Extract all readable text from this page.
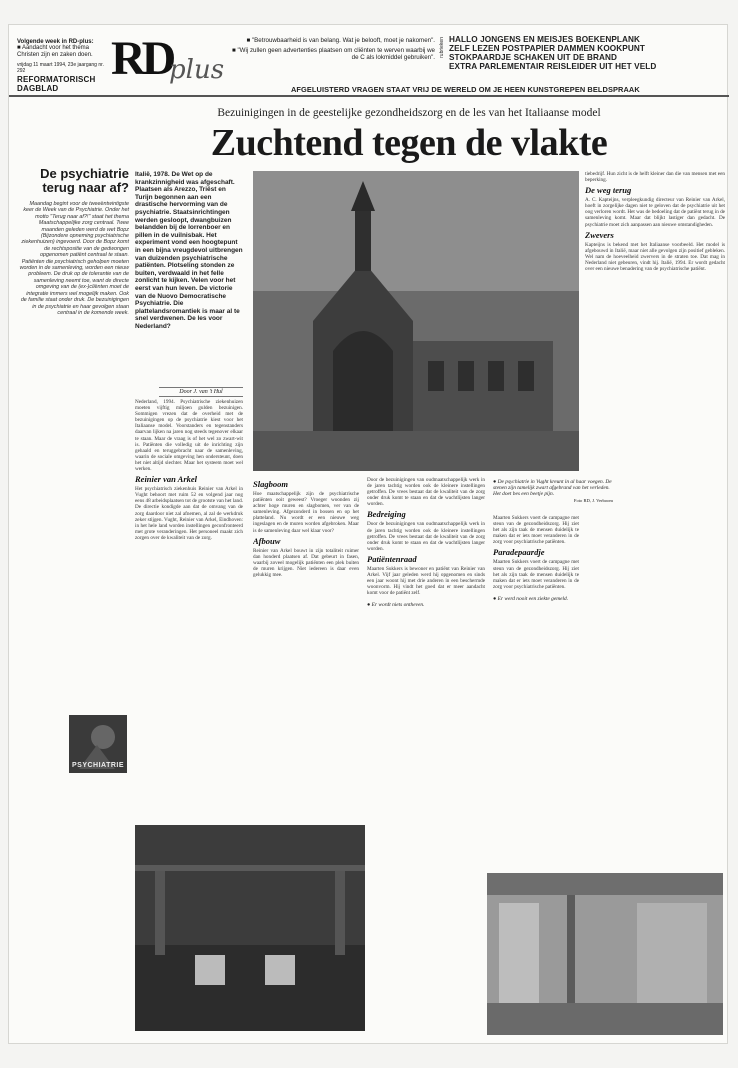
Volgende week in RD-plus:
■ Aandacht voor het thema
Christen zijn en zaken doen.
vrijdag 11 maart 1994, 23e jaargang nr. 292
REFORMATORISCH DAGBLAD
RD
plus
■ "Betrouwbaarheid is van belang. Wat je belooft, moet je nakomen".
■ "Wij zullen geen advertenties plaatsen om cliënten te werven waarbij we de C als lokmiddel gebruiken". rubrieken HALLO JONGENS EN MEISJES BOEKENPLANK
ZELF LEZEN POSTPAPIER DAMMEN KOOKPUNT
STOKPAARDJE SCHAKEN UIT DE BRAND
EXTRA PARLEMENTAIR REISLEIDER UIT HET VELD
AFGELUISTERD VRAGEN STAAT VRIJ DE WERELD OM JE HEEN KUNSTGREPEN BELDSPRAAK
Bezuinigingen in de geestelijke gezondheidszorg en de les van het Italiaanse model
Zuchtend tegen de vlakte
De psychiatrie terug naar af?
Maandag begint voor de tweeëntwintigste keer de Week van de Psychiatrie. Onder het motto "Terug naar af?!" staat het thema Maatschappelijke zorg centraal. Twee maanden geleden werd de wet Bopz (Bijzondere opneming psychiatrische ziekenhuizen) ingevoerd. Door de Bopz komt de rechtspositie van de gedwongen opgenomen patiënt centraal te staan. Patiënten die psychiatrisch geholpen moeten worden in de samenleving, worden een nieuw probleem. De druk op de tolerantie van de samenleving neemt toe, want de directe omgeving van de (ex-)cliënten moet de integratie immers wel mogelijk maken. Ook de familie staat onder druk. De bezuinigingen in de psychiatrie en haar gevolgen staan centraal in de komende week.
PSYCHIATRIE
Italië, 1978. De Wet op de krankzinnigheid was afgeschaft. Plaatsen als Arezzo, Triëst en Turijn begonnen aan een drastische hervorming van de psychiatrie. Staatsinrichtingen werden gesloopt, dwangbuizen belandden bij de lorrenboer en pillen in de vuilnisbak. Het experiment vond een hoogtepunt in een bijna vreugdevol uitbrengen van duizenden psychiatrische patiënten. Plotseling stonden ze buiten, verdwaald in het felle zonlicht te kijken. Velen voor het eerst van hun leven. De victorie van de Nuovo Democratische Psychiatrie. Die plattelandsromantiek is maar al te snel verdwenen. De les voor Nederland?
Door J. van 't Hul

Nederland, 1994. Psychiatrische ziekenhuizen moeten vijftig miljoen gulden bezuinigen. Sommigen vrezen dat de overheid met de bezuinigingen op de psychiatrie kiest voor het Italiaanse model. Voorstanders en tegenstanders daarvan lijken na jaren nog steeds tegenover elkaar te staan. Maar de vraag is of het wel zo zwart-wit is. Patiënten die volledig uit de inrichting zijn gehaald en teruggebracht naar de samenleving, waarin de sociale omgeving hen ondersteunt, doen het niet altijd slechter. Maar het systeem moet wel werken.

Reinier van Arkel

Het psychiatrisch ziekenhuis Reinier van Arkel in Vught behoort met ruim 52 en volgend jaar nog eens 48 arbeidsplaatsen tot de grootste van het land. De directie kondigde aan dat de omvang van de zorg daardoor niet zal afnemen, al zal de werkdruk zeker stijgen. Vught, Reinier van Arkel, Eindhoven: in het hele land worden instellingen geconfronteerd met grote veranderingen. Het personeel maakt zich zorgen over de kwaliteit van de zorg.

Slagboom

Hoe maatschappelijk zijn de psychiatrische patiënten ooit geweest? Vroeger woonden zij achter hoge muren en slagbomen, ver van de samenleving. Afgezonderd in bossen en op het platteland. Nu wordt er een nieuwe weg ingeslagen en de muren worden afgebroken. Maar is de samenleving daar wel klaar voor?

Afbouw

Reinier van Arkel bouwt in zijn totaliteit ruimer dan honderd plaatsen af. Dat gebeurt in fasen, waarbij zoveel mogelijk patiënten een plek buiten de muren krijgen. Niet iedereen is daar even gelukkig mee.

Door de bezuinigingen van oudmaatschappelijk werk in de jaren tachtig worden ook de kleinere instellingen getroffen. De vrees bestaat dat de kwaliteit van de zorg onder druk komt te staan en dat de wachtlijsten langer worden.

Bedreiging

Door de bezuinigingen van oudmaatschappelijk werk in de jaren tachtig worden ook de kleinere instellingen getroffen. De vrees bestaat dat de kwaliteit van de zorg onder druk komt te staan en dat de wachtlijsten langer worden.

Patiëntenraad

Maarten Sukkers is bewoner en patiënt van Reinier van Arkel. Vijf jaar geleden werd hij opgenomen en sinds een jaar woont hij met drie anderen in een beschermde woonvorm. Hij vindt het goed dat er meer aandacht komt voor de patiënt zelf.

● Er wordt niets ontheven.
● De psychiatrie in Vught kreunt in al haar voegen. De stenen zijn tamelijk zwart afgebrand van het verleden. Het doet bes een beetje pijn.
Foto RD, J. Verboom

Maarten Sukkers voert de campagne met steun van de gezondheidszorg. Hij ziet het als zijn taak de mensen duidelijk te maken dat er iets moet veranderen in de zorg voor psychiatrische patiënten.

Paradepaardje

Maarten Sukkers voert de campagne met steun van de gezondheidszorg. Hij ziet het als zijn taak de mensen duidelijk te maken dat er iets moet veranderen in de zorg voor psychiatrische patiënten.

● Er werd nooit een ziekte gemeld.

tiebedrijf. Hun zicht is de helft kleiner dan die van mensen met een beperking.

De weg terug

A. C. Kapteijns, verpleegkundig directeur van Reinier van Arkel, hoeft in zorgelijke dagen niet te geloven dat de psychiatrie uit het oog verloren wordt. Het was de bedoeling dat de patiënt terug in de samenleving komt. Maar dat blijkt lastiger dan gedacht. De psychiatrie moet zich aanpassen aan nieuwe omstandigheden.

Zwevers

Kapteijns is bekend met het Italiaanse voorbeeld. Het model is afgebouwd in Italië, maar niet alle gevolgen zijn positief gebleken. Wel nam de hoeveelheid zwervers in de straten toe. Dat mag in Nederland niet gebeuren, vindt hij. Italië, 1994. Er wordt gedacht over een nieuwe benadering van de psychiatrische patiënt.
